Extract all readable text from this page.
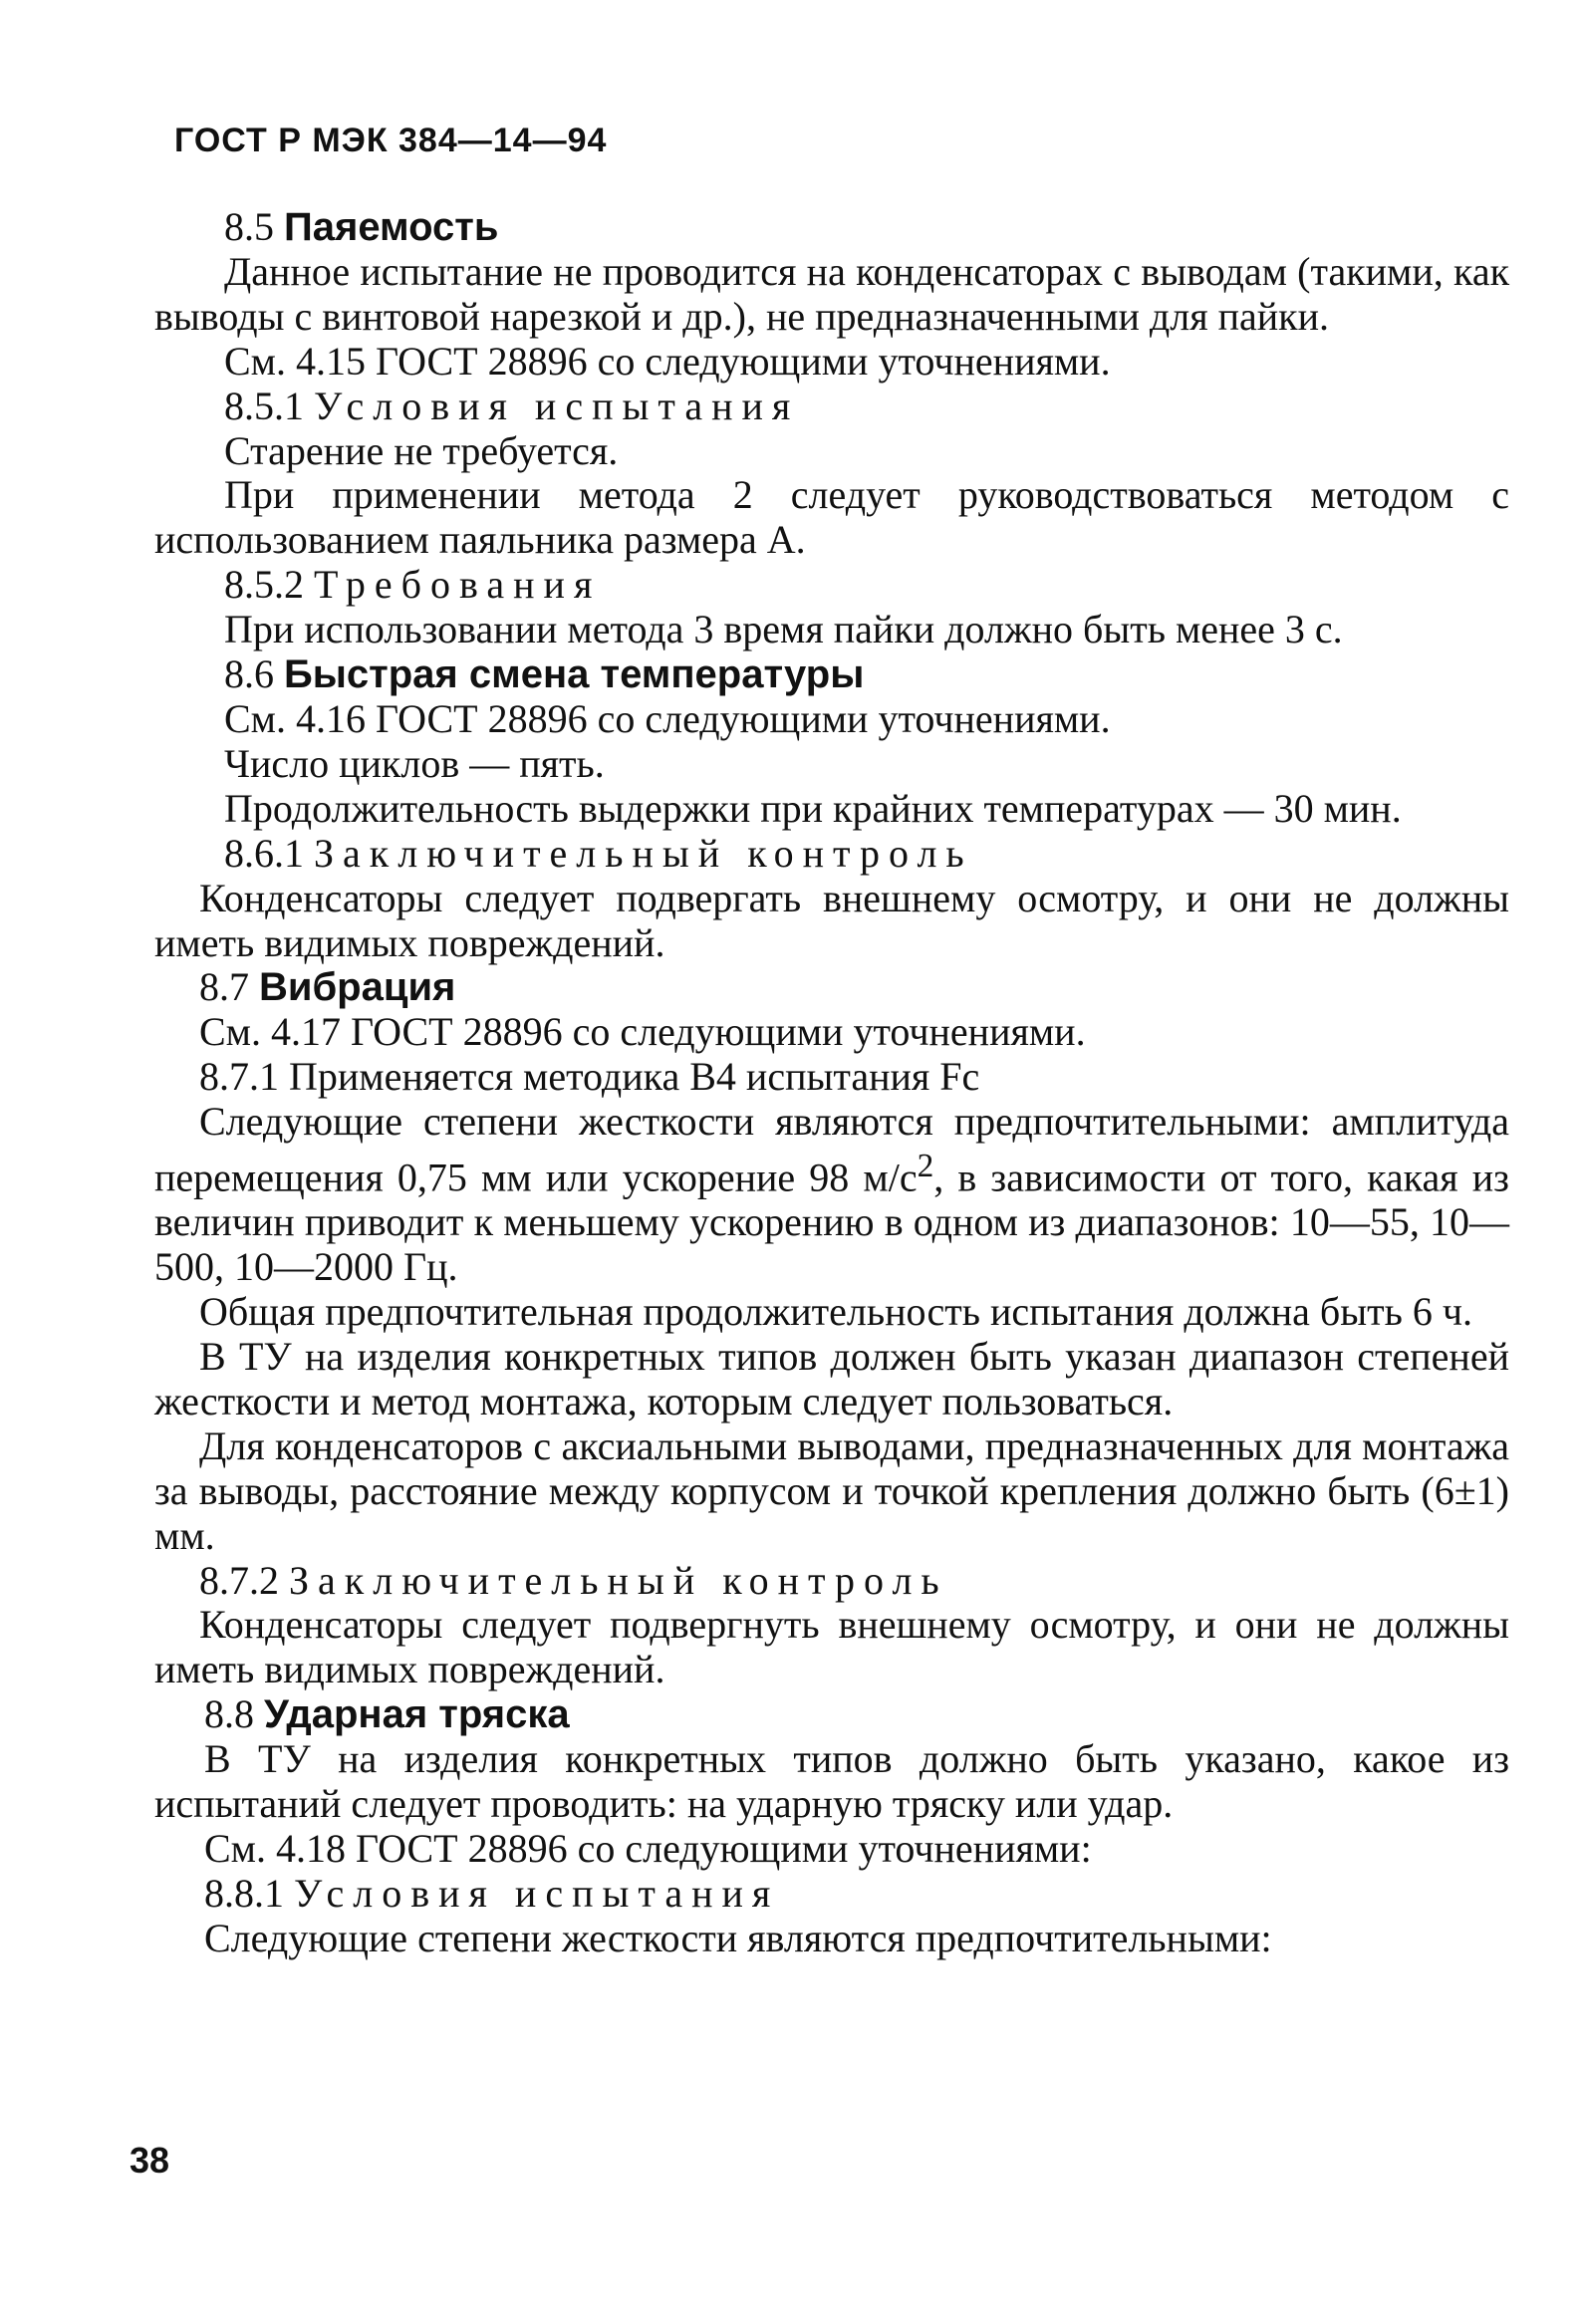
ГОСТ Р МЭК 384—14—94

8.5 Паяемость

Данное испытание не проводится на конденсаторах с выводам (такими, как выводы с винтовой нарезкой и др.), не предназначенными для пайки.

См. 4.15 ГОСТ 28896 со следующими уточнениями.

8.5.1 Условия испытания

Старение не требуется.

При применении метода 2 следует руководствоваться методом с использованием паяльника размера А.

8.5.2 Требования

При использовании метода 3 время пайки должно быть менее 3 с.

8.6 Быстрая смена температуры

См. 4.16 ГОСТ 28896 со следующими уточнениями.

Число циклов — пять.

Продолжительность выдержки при крайних температурах — 30 мин.

8.6.1 Заключительный контроль

Конденсаторы следует подвергать внешнему осмотру, и они не должны иметь видимых повреждений.

8.7 Вибрация

См. 4.17 ГОСТ 28896 со следующими уточнениями.

8.7.1 Применяется методика В4 испытания Fc

Следующие степени жесткости являются предпочтительными: амплитуда перемещения 0,75 мм или ускорение 98 $м/с^2$, в зависимости от того, какая из величин приводит к меньшему ускорению в одном из диапазонов: 10—55, 10—500, 10—2000 Гц.

Общая предпочтительная продолжительность испытания должна быть 6 ч.

В ТУ на изделия конкретных типов должен быть указан диапазон степеней жесткости и метод монтажа, которым следует пользоваться.

Для конденсаторов с аксиальными выводами, предназначенных для монтажа за выводы, расстояние между корпусом и точкой крепления должно быть (6±1) мм.

8.7.2 Заключительный контроль

Конденсаторы следует подвергнуть внешнему осмотру, и они не должны иметь видимых повреждений.

8.8 Ударная тряска

В ТУ на изделия конкретных типов должно быть указано, какое из испытаний следует проводить: на ударную тряску или удар.

См. 4.18 ГОСТ 28896 со следующими уточнениями:

8.8.1 Условия испытания

Следующие степени жесткости являются предпочтительными:

38
